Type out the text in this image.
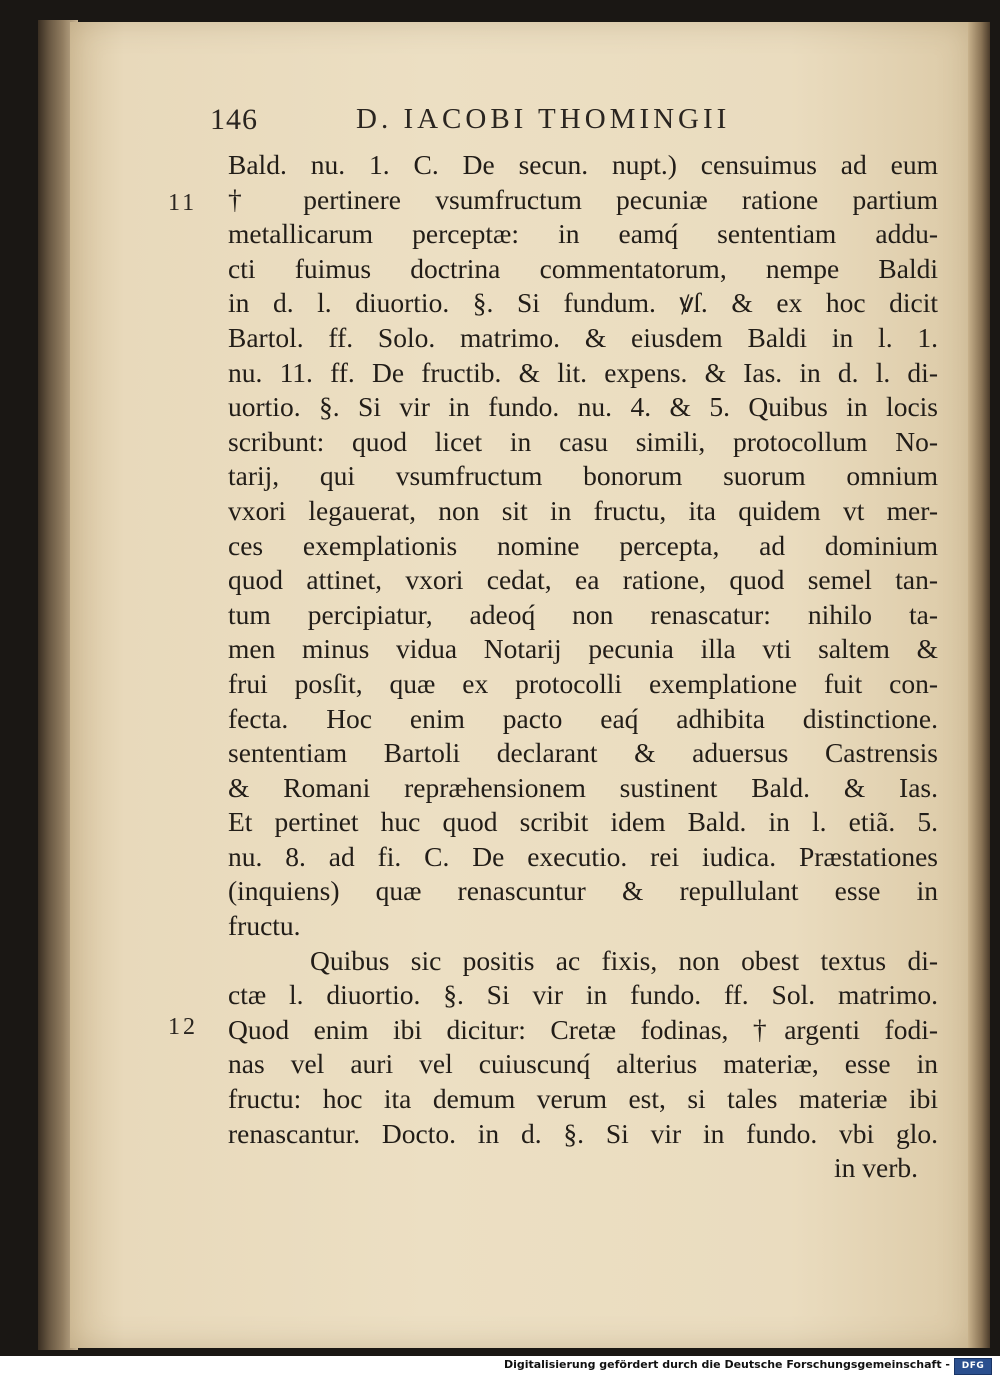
146	D. IACOBI THOMINGII
11
12
Bald. nu. 1. C. De secun. nupt.) censuimus ad eum
† pertinere vsumfructum pecuniæ ratione partium
metallicarum perceptæ: in eamq́ sententiam addu-
cti fuimus doctrina commentatorum, nempe Baldi
in d. l. diuortio. §. Si fundum. ꝟſ. & ex hoc dicit
Bartol. ff. Solo. matrimo. & eiusdem Baldi in l. 1.
nu. 11. ff. De fructib. & lit. expens. & Ias. in d. l. di-
uortio. §. Si vir in fundo. nu. 4. & 5. Quibus in locis
scribunt: quod licet in casu simili, protocollum No-
tarij, qui vsumfructum bonorum suorum omnium
vxori legauerat, non sit in fructu, ita quidem vt mer-
ces exemplationis nomine percepta, ad dominium
quod attinet, vxori cedat, ea ratione, quod semel tan-
tum percipiatur, adeoq́ non renascatur: nihilo ta-
men minus vidua Notarij pecunia illa vti saltem &
frui posſit, quæ ex protocolli exemplatione fuit con-
fecta. Hoc enim pacto eaq́ adhibita distinctione.
sententiam Bartoli declarant & aduersus Castrensis
& Romani repræhensionem sustinent Bald. & Ias.
Et pertinet huc quod scribit idem Bald. in l. etiã. 5.
nu. 8. ad fi. C. De executio. rei iudica. Præstationes
(inquiens) quæ renascuntur & repullulant esse in
fructu.
Quibus sic positis ac fixis, non obest textus di-
ctæ l. diuortio. §. Si vir in fundo. ff. Sol. matrimo.
Quod enim ibi dicitur: Cretæ fodinas, †argenti fodi-
nas vel auri vel cuiuscunq́ alterius materiæ, esse in
fructu: hoc ita demum verum est, si tales materiæ ibi
renascantur. Docto. in d. §. Si vir in fundo. vbi glo.
in verb.
Digitalisierung gefördert durch die Deutsche Forschungsgemeinschaft -	DFG
